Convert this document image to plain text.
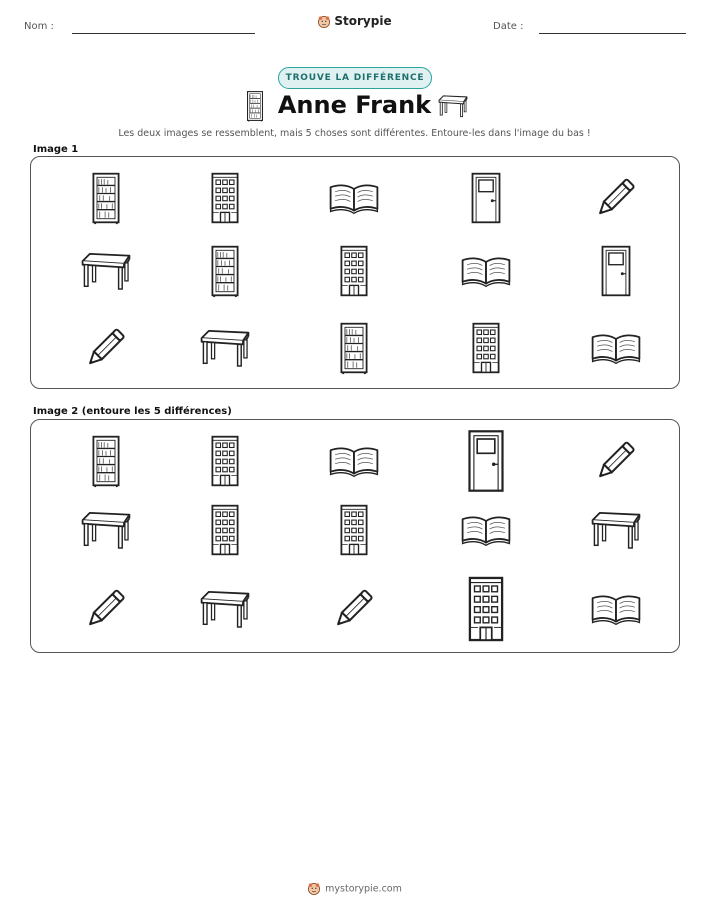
Nom :	Storypie	Date :
TROUVE LA DIFFÉRENCE
Anne Frank
Les deux images se ressemblent, mais 5 choses sont différentes. Entoure-les dans l'image du bas !
Image 1
Image 2 (entoure les 5 différences)
mystorypie.com
